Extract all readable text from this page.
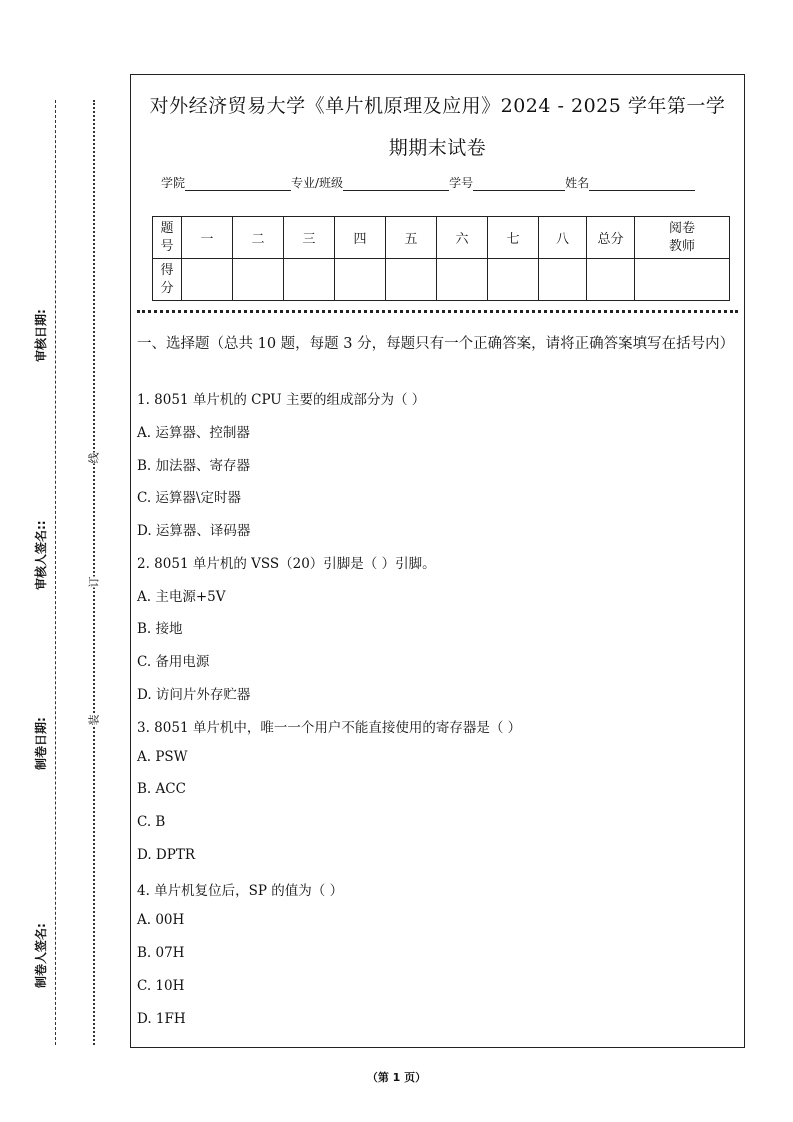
审核日期:
审核人签名::
制卷日期:
制卷人签名:
线
订
装
对外经济贸易大学《单片机原理及应用》2024 - 2025 学年第一学
期期末试卷
学院	专业/班级	学号	姓名
题
号	一	二	三	四	五	六	七	八	总分	阅卷
教师
得
分										
一、选择题（总共 10 题，每题 3 分，每题只有一个正确答案，请将正确答案填写在括号内）
1. 8051 单片机的 CPU 主要的组成部分为（ ）
A. 运算器、控制器
B. 加法器、寄存器
C. 运算器\定时器
D. 运算器、译码器
2. 8051 单片机的 VSS（20）引脚是（ ）引脚。
A. 主电源+5V
B. 接地
C. 备用电源
D. 访问片外存贮器
3. 8051 单片机中，唯一一个用户不能直接使用的寄存器是（ ）
A. PSW
B. ACC
C. B
D. DPTR
4. 单片机复位后，SP 的值为（ ）
A. 00H
B. 07H
C. 10H
D. 1FH
（第 1 页）
